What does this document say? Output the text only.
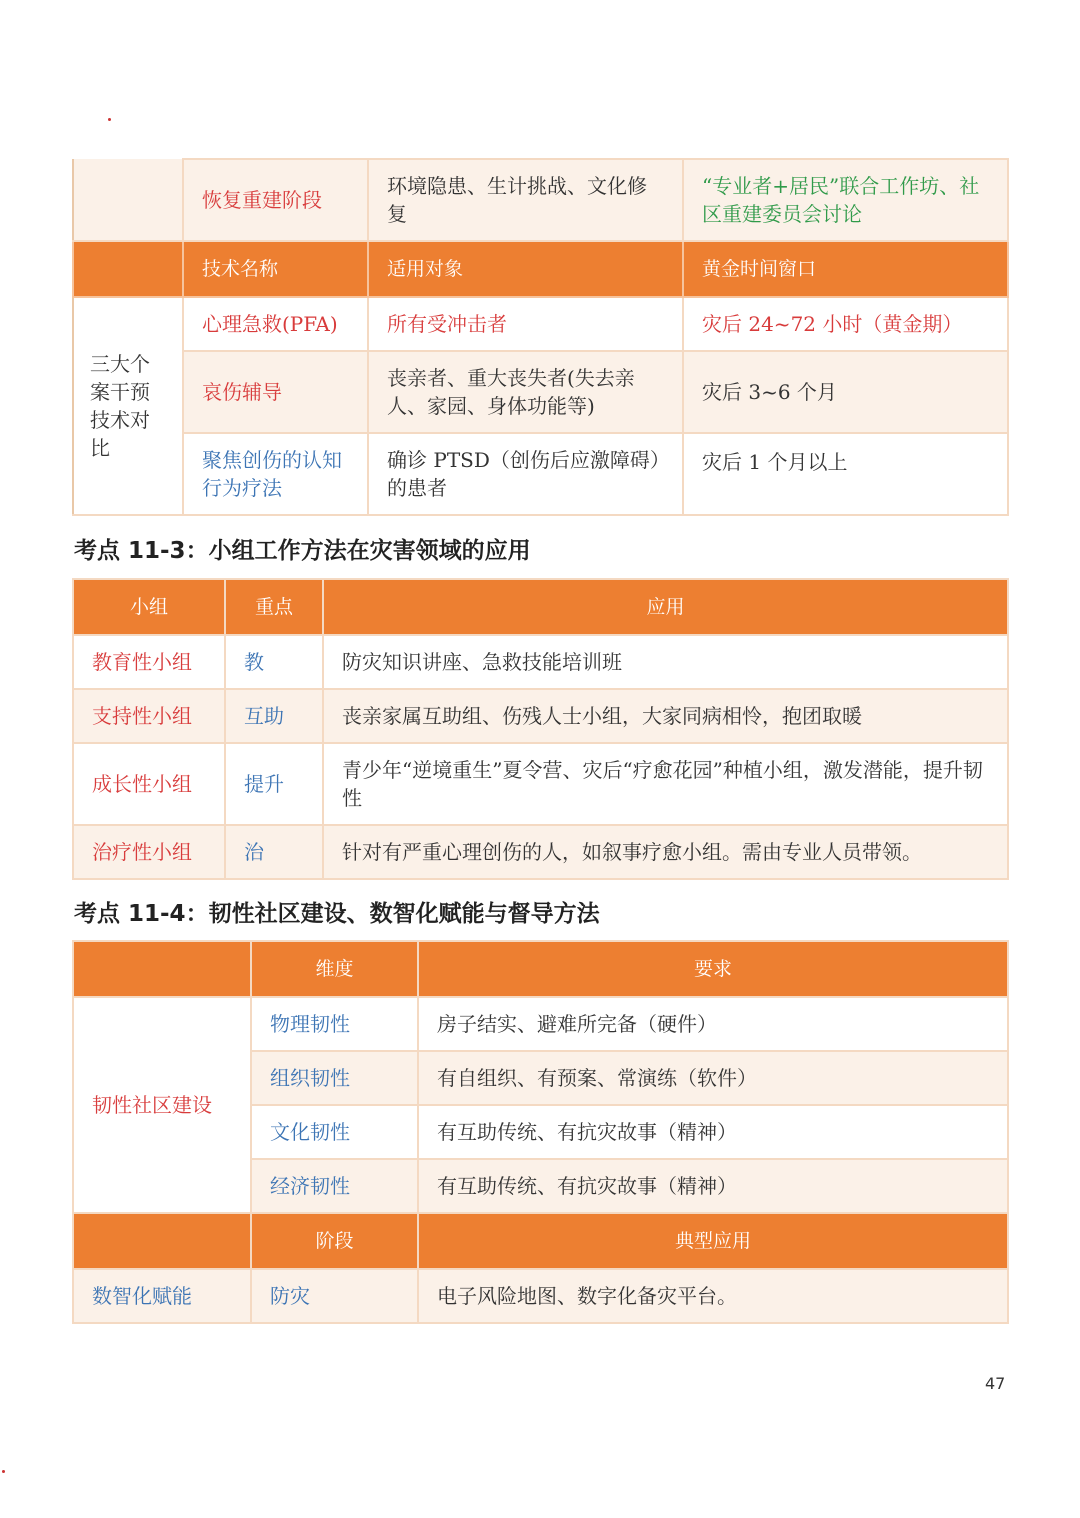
	恢复重建阶段	环境隐患、生计挑战、文化修复	“专业者+居民”联合工作坊、社区重建委员会讨论
	技术名称	适用对象	黄金时间窗口
三大个案干预技术对比	心理急救(PFA)	所有受冲击者	灾后 24~72 小时（黄金期）
	哀伤辅导	丧亲者、重大丧失者(失去亲人、家园、身体功能等)	灾后 3~6 个月
	聚焦创伤的认知行为疗法	确诊 PTSD（创伤后应激障碍）的患者	灾后 1 个月以上
考点 11-3：小组工作方法在灾害领域的应用
小组	重点	应用
教育性小组	教	防灾知识讲座、急救技能培训班
支持性小组	互助	丧亲家属互助组、伤残人士小组，大家同病相怜，抱团取暖
成长性小组	提升	青少年“逆境重生”夏令营、灾后“疗愈花园”种植小组，激发潜能，提升韧性
治疗性小组	治	针对有严重心理创伤的人，如叙事疗愈小组。需由专业人员带领。
考点 11-4：韧性社区建设、数智化赋能与督导方法
	维度	要求
韧性社区建设	物理韧性	房子结实、避难所完备（硬件）
	组织韧性	有自组织、有预案、常演练（软件）
	文化韧性	有互助传统、有抗灾故事（精神）
	经济韧性	有互助传统、有抗灾故事（精神）
	阶段	典型应用
数智化赋能	防灾	电子风险地图、数字化备灾平台。
47
